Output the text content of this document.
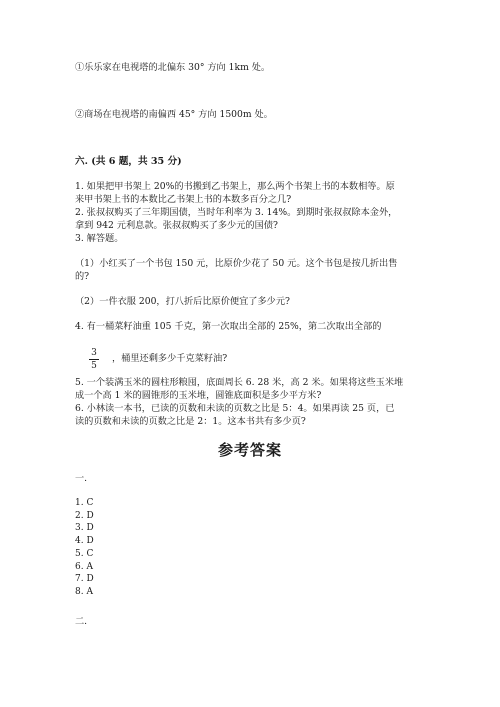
①乐乐家在电视塔的北偏东 30° 方向 1km 处。
②商场在电视塔的南偏西 45° 方向 1500m 处。
六. (共 6 题，共 35 分)
1. 如果把甲书架上 20%的书搬到乙书架上，那么两个书架上书的本数相等。原
来甲书架上书的本数比乙书架上书的本数多百分之几?
2. 张叔叔购买了三年期国债，当时年利率为 3. 14%。到期时张叔叔除本金外，
拿到 942 元利息款。张叔叔购买了多少元的国债?
3. 解答题。
（1）小红买了一个书包 150 元，比原价少花了 50 元。这个书包是按几折出售
的?
（2）一件衣服 200，打八折后比原价便宜了多少元?
4. 有一桶菜籽油重 105 千克，第一次取出全部的 25%，第二次取出全部的
3
5
，桶里还剩多少千克菜籽油?
5. 一个装满玉米的圆柱形粮囤，底面周长 6. 28 米，高 2 米。如果将这些玉米堆
成一个高 1 米的圆锥形的玉米堆，圆锥底面积是多少平方米?
6. 小林读一本书，已读的页数和未读的页数之比是 5：4。如果再读 25 页，已
读的页数和未读的页数之比是 2：1。这本书共有多少页?
参考答案
一.
1. C
2. D
3. D
4. D
5. C
6. A
7. D
8. A
二.
